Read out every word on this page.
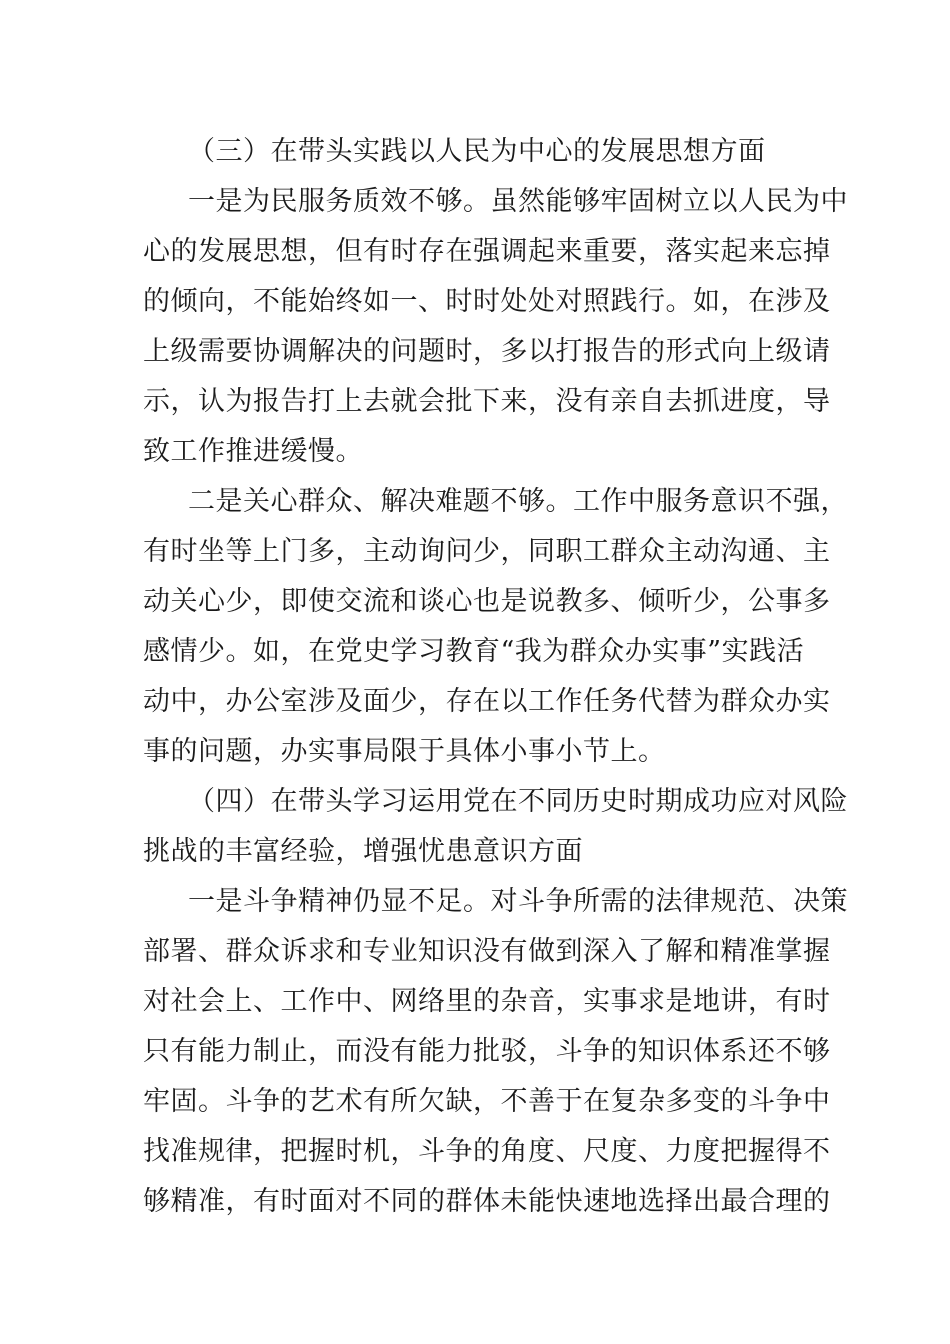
（三）在带头实践以人民为中心的发展思想方面
一是为民服务质效不够。虽然能够牢固树立以人民为中
心的发展思想，但有时存在强调起来重要，落实起来忘掉
的倾向，不能始终如一、时时处处对照践行。如，在涉及
上级需要协调解决的问题时，多以打报告的形式向上级请
示，认为报告打上去就会批下来，没有亲自去抓进度，导
致工作推进缓慢。
二是关心群众、解决难题不够。工作中服务意识不强，
有时坐等上门多，主动询问少，同职工群众主动沟通、主
动关心少，即使交流和谈心也是说教多、倾听少，公事多
感情少。如，在党史学习教育“我为群众办实事”实践活
动中，办公室涉及面少，存在以工作任务代替为群众办实
事的问题，办实事局限于具体小事小节上。
（四）在带头学习运用党在不同历史时期成功应对风险
挑战的丰富经验，增强忧患意识方面
一是斗争精神仍显不足。对斗争所需的法律规范、决策
部署、群众诉求和专业知识没有做到深入了解和精准掌握
对社会上、工作中、网络里的杂音，实事求是地讲，有时
只有能力制止，而没有能力批驳，斗争的知识体系还不够
牢固。斗争的艺术有所欠缺，不善于在复杂多变的斗争中
找准规律，把握时机，斗争的角度、尺度、力度把握得不
够精准，有时面对不同的群体未能快速地选择出最合理的
